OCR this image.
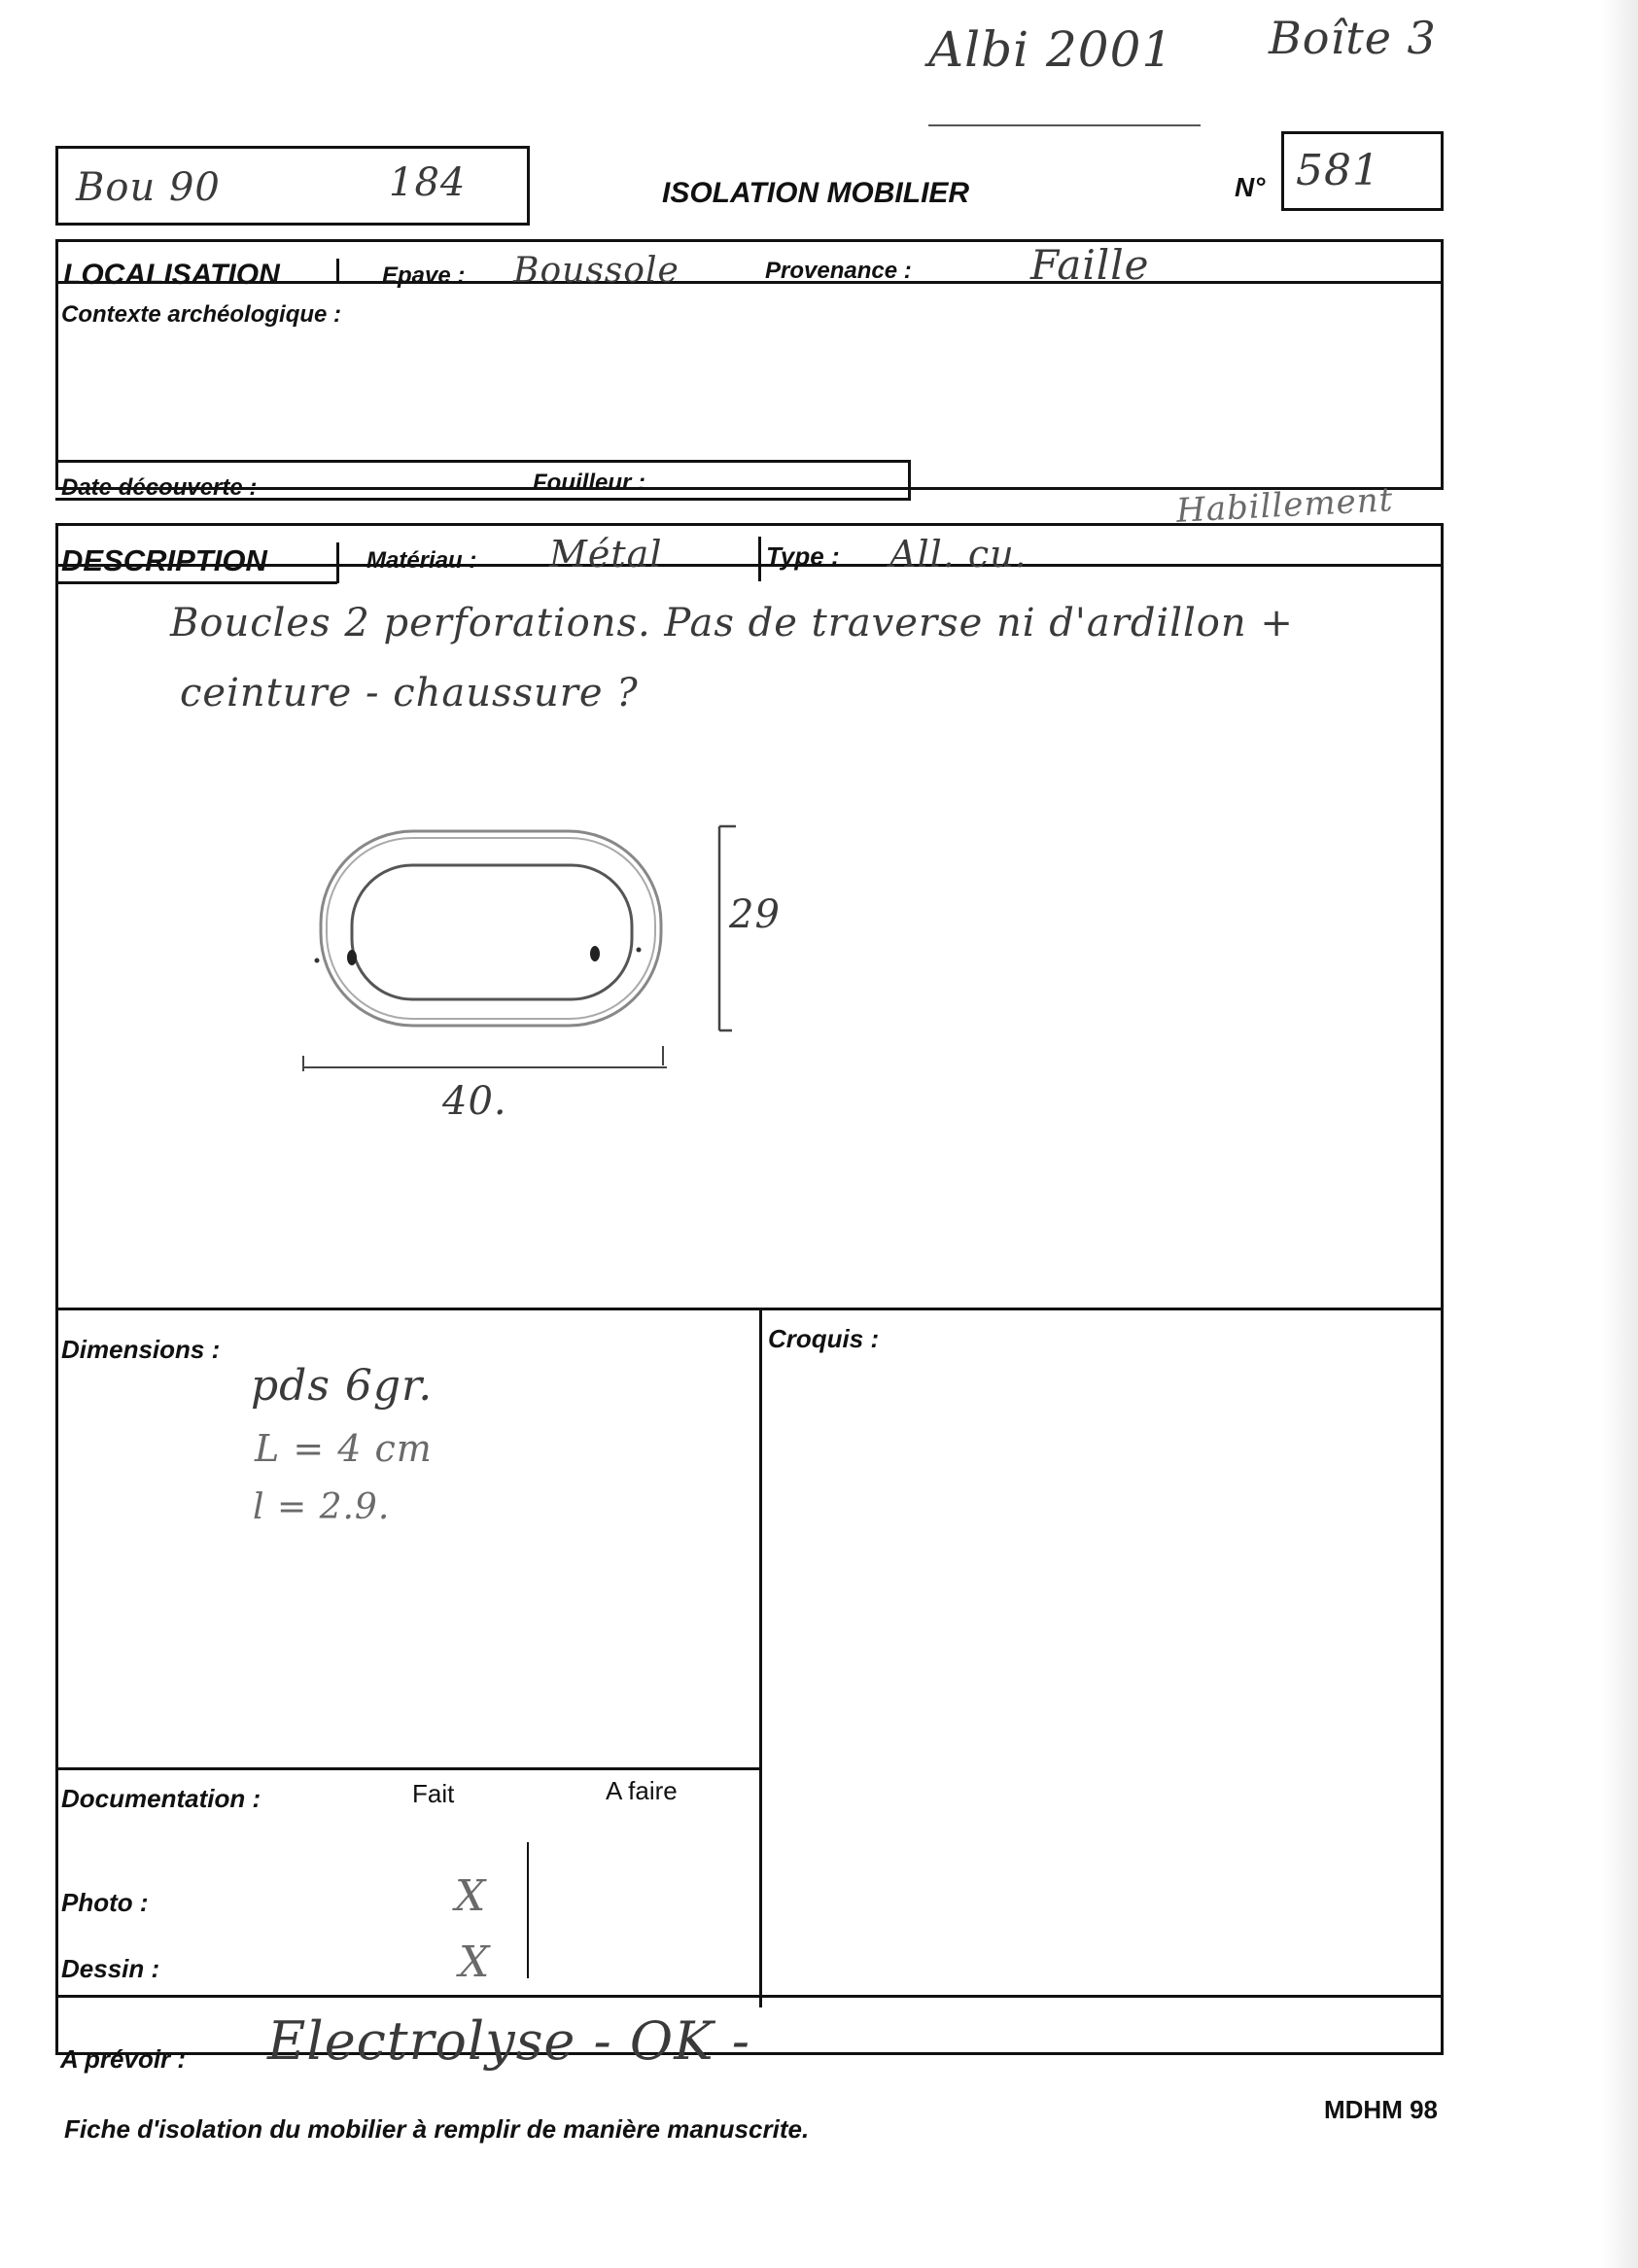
Albi 2001 Boîte 3
Bou 90	184	ISOLATION MOBILIER	N° 581
LOCALISATION	Epave : Boussole	Provenance :	Faille
Contexte archéologique :
Date découverte :	Fouilleur :	Habillement
DESCRIPTION	Matériau : Métal	Type : All. cu.
Boucles 2 perforations. Pas de traverse ni d'ardillon +
ceinture - chaussure ?
29
40.
Dimensions :	Croquis :
pds 6gr.
L = 4 cm
l = 2.9.
Documentation :	Fait	A faire
Photo :	X
Dessin :	X
A prévoir : Electrolyse - OK -
Fiche d'isolation du mobilier à remplir de manière manuscrite.
MDHM 98
